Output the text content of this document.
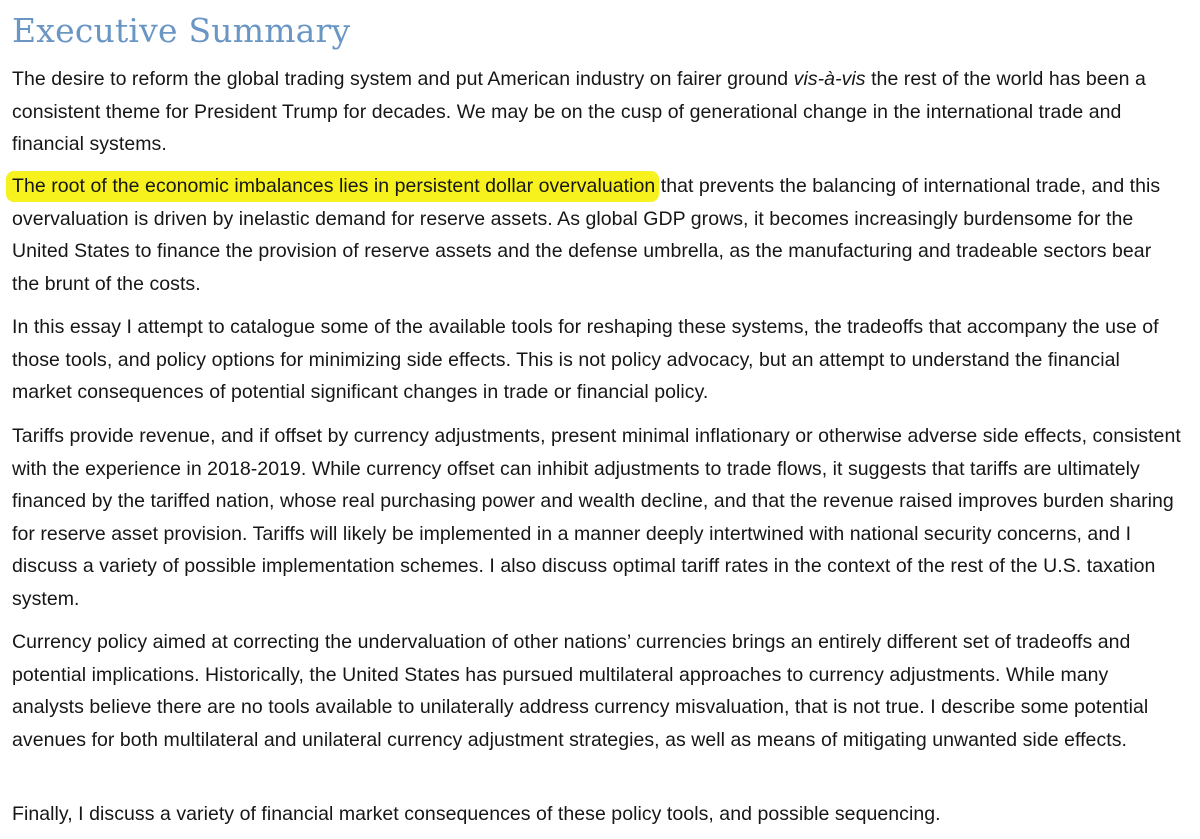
Executive Summary

The desire to reform the global trading system and put American industry on fairer ground vis-à-vis the rest of the world has been a consistent theme for President Trump for decades. We may be on the cusp of generational change in the international trade and financial systems.

The root of the economic imbalances lies in persistent dollar overvaluation that prevents the balancing of international trade, and this overvaluation is driven by inelastic demand for reserve assets. As global GDP grows, it becomes increasingly burdensome for the United States to finance the provision of reserve assets and the defense umbrella, as the manufacturing and tradeable sectors bear the brunt of the costs.

In this essay I attempt to catalogue some of the available tools for reshaping these systems, the tradeoffs that accompany the use of those tools, and policy options for minimizing side effects. This is not policy advocacy, but an attempt to understand the financial market consequences of potential significant changes in trade or financial policy.

Tariffs provide revenue, and if offset by currency adjustments, present minimal inflationary or otherwise adverse side effects, consistent with the experience in 2018-2019. While currency offset can inhibit adjustments to trade flows, it suggests that tariffs are ultimately financed by the tariffed nation, whose real purchasing power and wealth decline, and that the revenue raised improves burden sharing for reserve asset provision. Tariffs will likely be implemented in a manner deeply intertwined with national security concerns, and I discuss a variety of possible implementation schemes. I also discuss optimal tariff rates in the context of the rest of the U.S. taxation system.

Currency policy aimed at correcting the undervaluation of other nations’ currencies brings an entirely different set of tradeoffs and potential implications. Historically, the United States has pursued multilateral approaches to currency adjustments. While many analysts believe there are no tools available to unilaterally address currency misvaluation, that is not true. I describe some potential avenues for both multilateral and unilateral currency adjustment strategies, as well as means of mitigating unwanted side effects.

Finally, I discuss a variety of financial market consequences of these policy tools, and possible sequencing.
